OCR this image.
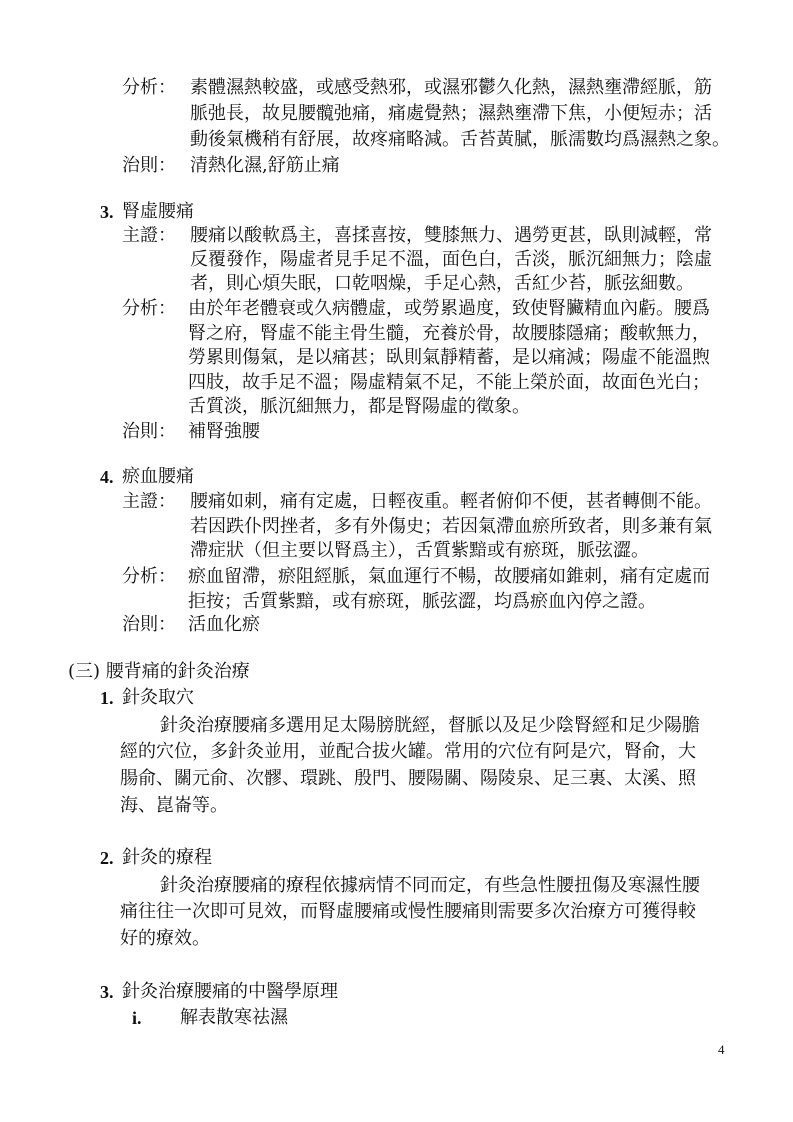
分析： 素體濕熱較盛，或感受熱邪，或濕邪鬱久化熱，濕熱壅滯經脈，筋
脈弛長，故見腰髖弛痛，痛處覺熱；濕熱壅滯下焦，小便短赤；活
動後氣機稍有舒展，故疼痛略減。舌苔黃膩，脈濡數均爲濕熱之象。
治則： 清熱化濕,舒筋止痛
3. 腎虛腰痛
主證： 腰痛以酸軟爲主，喜揉喜按，雙膝無力、遇勞更甚，臥則減輕，常
反覆發作，陽虛者見手足不溫，面色白，舌淡，脈沉細無力；陰虛
者，則心煩失眠，口乾咽燥，手足心熱，舌紅少苔，脈弦細數。
分析： 由於年老體衰或久病體虛，或勞累過度，致使腎臟精血內虧。腰爲
腎之府，腎虛不能主骨生髓，充養於骨，故腰膝隱痛；酸軟無力，
勞累則傷氣，是以痛甚；臥則氣靜精蓄，是以痛減；陽虛不能溫煦
四肢，故手足不溫；陽虛精氣不足，不能上榮於面，故面色光白；
舌質淡，脈沉細無力，都是腎陽虛的徵象。
治則： 補腎強腰
4. 瘀血腰痛
主證： 腰痛如刺，痛有定處，日輕夜重。輕者俯仰不便，甚者轉側不能。
若因跌仆閃挫者，多有外傷史；若因氣滯血瘀所致者，則多兼有氣
滯症狀（但主要以腎爲主），舌質紫黯或有瘀斑，脈弦澀。
分析： 瘀血留滯，瘀阻經脈，氣血運行不暢，故腰痛如錐刺，痛有定處而
拒按；舌質紫黯，或有瘀斑，脈弦澀，均爲瘀血內停之證。
治則： 活血化瘀
(三) 腰背痛的針灸治療
1. 針灸取穴
針灸治療腰痛多選用足太陽膀胱經，督脈以及足少陰腎經和足少陽膽
經的穴位，多針灸並用，並配合拔火罐。常用的穴位有阿是穴，腎俞，大
腸俞、關元俞、次髎、環跳、殷門、腰陽關、陽陵泉、足三裏、太溪、照
海、崑崙等。
2. 針灸的療程
針灸治療腰痛的療程依據病情不同而定，有些急性腰扭傷及寒濕性腰
痛往往一次即可見效，而腎虛腰痛或慢性腰痛則需要多次治療方可獲得較
好的療效。
3. 針灸治療腰痛的中醫學原理
i. 解表散寒祛濕
4
